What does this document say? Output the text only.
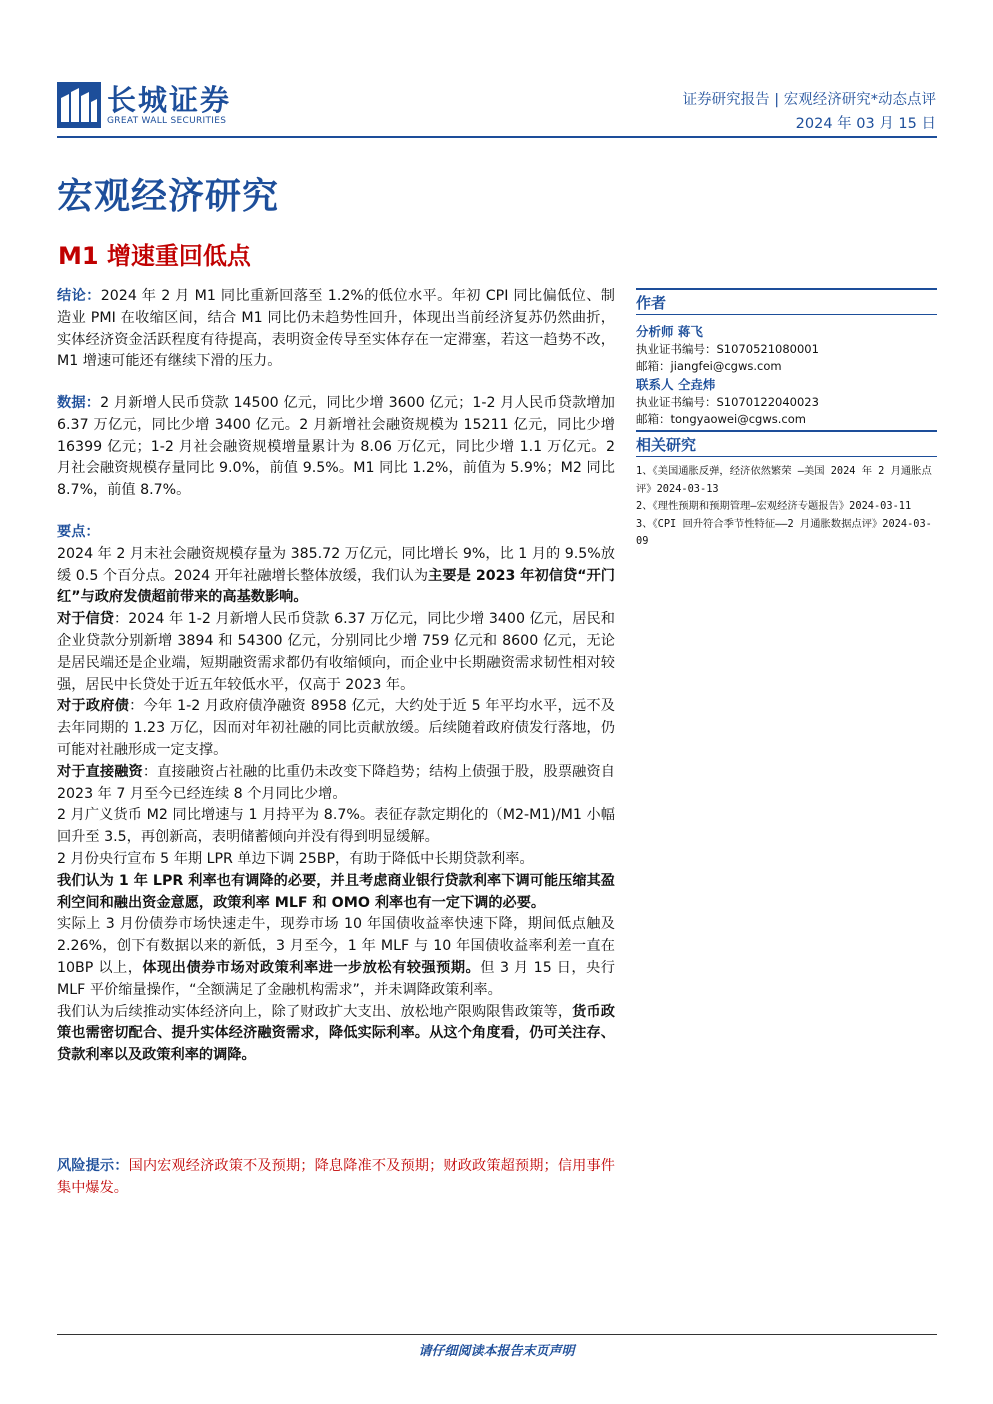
长城证券
GREAT WALL SECURITIES
证券研究报告 | 宏观经济研究*动态点评
2024 年 03 月 15 日
宏观经济研究
M1 增速重回低点

结论：2024 年 2 月 M1 同比重新回落至 1.2%的低位水平。年初 CPI 同比偏低位、制造业 PMI 在收缩区间，结合 M1 同比仍未趋势性回升，体现出当前经济复苏仍然曲折，实体经济资金活跃程度有待提高，表明资金传导至实体存在一定滞塞，若这一趋势不改，M1 增速可能还有继续下滑的压力。

数据：2 月新增人民币贷款 14500 亿元，同比少增 3600 亿元；1-2 月人民币贷款增加 6.37 万亿元，同比少增 3400 亿元。2 月新增社会融资规模为 15211 亿元，同比少增 16399 亿元；1-2 月社会融资规模增量累计为 8.06 万亿元，同比少增 1.1 万亿元。2 月社会融资规模存量同比 9.0%，前值 9.5%。M1 同比 1.2%，前值为 5.9%；M2 同比 8.7%，前值 8.7%。

要点：

2024 年 2 月末社会融资规模存量为 385.72 万亿元，同比增长 9%，比 1 月的 9.5%放缓 0.5 个百分点。2024 开年社融增长整体放缓，我们认为主要是 2023 年初信贷“开门红”与政府发债超前带来的高基数影响。

对于信贷：2024 年 1-2 月新增人民币贷款 6.37 万亿元，同比少增 3400 亿元，居民和企业贷款分别新增 3894 和 54300 亿元，分别同比少增 759 亿元和 8600 亿元，无论是居民端还是企业端，短期融资需求都仍有收缩倾向，而企业中长期融资需求韧性相对较强，居民中长贷处于近五年较低水平，仅高于 2023 年。

对于政府债：今年 1-2 月政府债净融资 8958 亿元，大约处于近 5 年平均水平，远不及去年同期的 1.23 万亿，因而对年初社融的同比贡献放缓。后续随着政府债发行落地，仍可能对社融形成一定支撑。

对于直接融资：直接融资占社融的比重仍未改变下降趋势；结构上债强于股，股票融资自 2023 年 7 月至今已经连续 8 个月同比少增。

2 月广义货币 M2 同比增速与 1 月持平为 8.7%。表征存款定期化的（M2-M1)/M1 小幅回升至 3.5，再创新高，表明储蓄倾向并没有得到明显缓解。

2 月份央行宣布 5 年期 LPR 单边下调 25BP，有助于降低中长期贷款利率。

我们认为 1 年 LPR 利率也有调降的必要，并且考虑商业银行贷款利率下调可能压缩其盈利空间和融出资金意愿，政策利率 MLF 和 OMO 利率也有一定下调的必要。

实际上 3 月份债券市场快速走牛，现券市场 10 年国债收益率快速下降，期间低点触及 2.26%，创下有数据以来的新低，3 月至今，1 年 MLF 与 10 年国债收益率利差一直在 10BP 以上，体现出债券市场对政策利率进一步放松有较强预期。但 3 月 15 日，央行 MLF 平价缩量操作，“全额满足了金融机构需求”，并未调降政策利率。

我们认为后续推动实体经济向上，除了财政扩大支出、放松地产限购限售政策等，货币政策也需密切配合、提升实体经济融资需求，降低实际利率。从这个角度看，仍可关注存、贷款利率以及政策利率的调降。

风险提示：国内宏观经济政策不及预期；降息降准不及预期；财政政策超预期；信用事件集中爆发。

作者
分析师 蒋飞
执业证书编号：S1070521080001
邮箱：jiangfei@cgws.com
联系人 仝垚炜
执业证书编号：S1070122040023
邮箱：tongyaowei@cgws.com
相关研究
1、《美国通胀反弹，经济依然繁荣 —美国 2024 年 2 月通胀点评》2024-03-13
2、《理性预期和预期管理—宏观经济专题报告》2024-03-11
3、《CPI 回升符合季节性特征——2 月通胀数据点评》2024-03-09
请仔细阅读本报告末页声明
